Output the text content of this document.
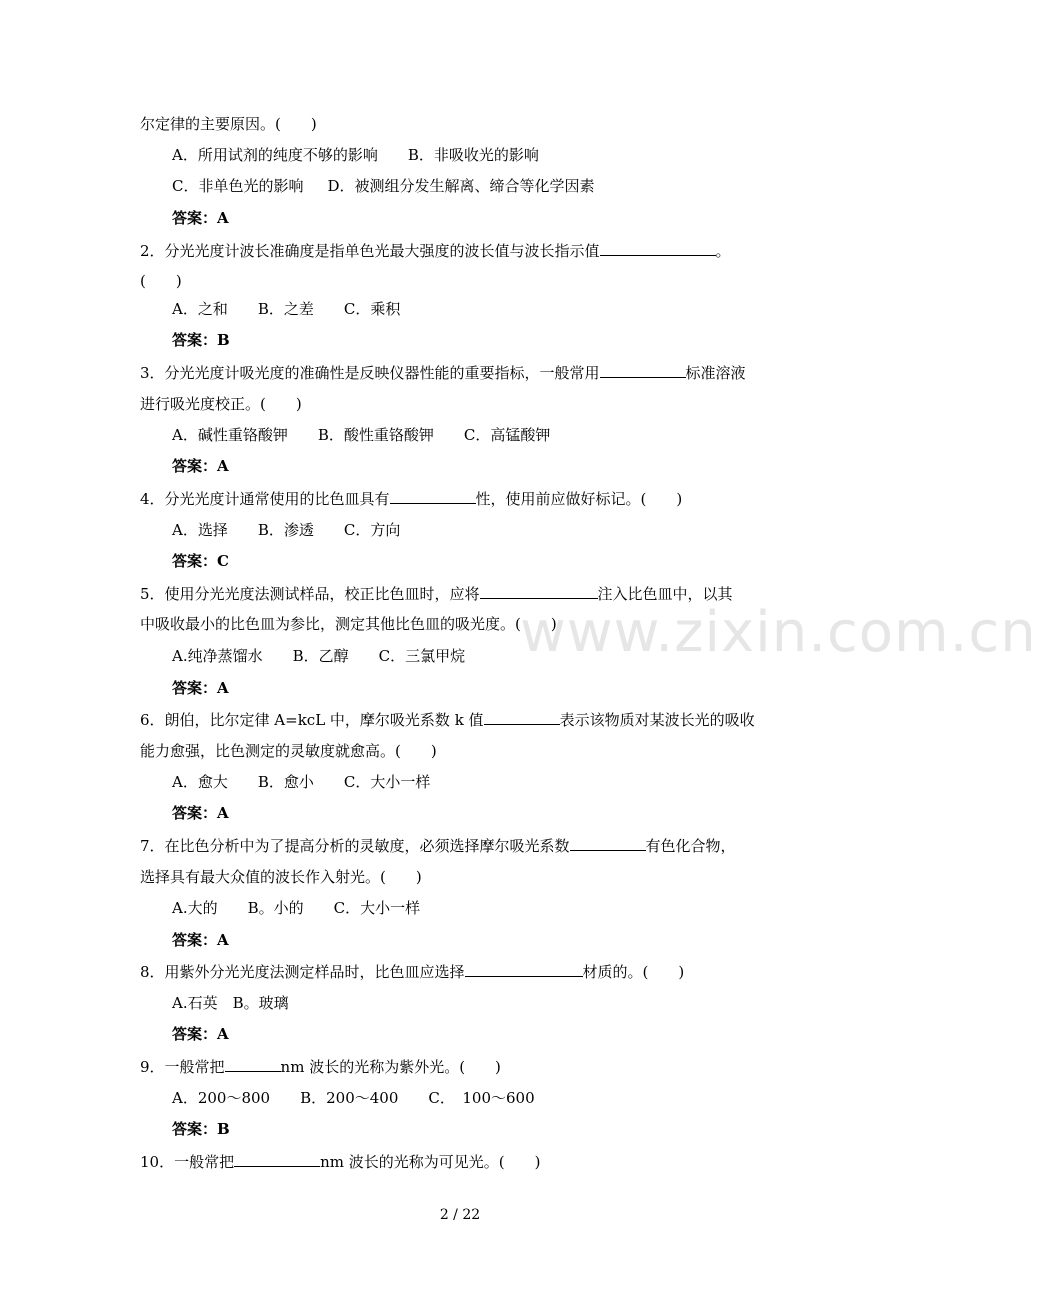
www.zixin.com.cn
尔定律的主要原因。(　　)
A．所用试剂的纯度不够的影响 B．非吸收光的影响
C．非单色光的影响 D．被测组分发生解离、缔合等化学因素
答案：A
2．分光光度计波长准确度是指单色光最大强度的波长值与波长指示值	。
(　　)
A．之和　　B．之差　　C．乘积
答案：B
3．分光光度计吸光度的准确性是反映仪器性能的重要指标，一般常用	标准溶液
进行吸光度校正。(　　)
A．碱性重铬酸钾　　B．酸性重铬酸钾　　C．高锰酸钾
答案：A
4．分光光度计通常使用的比色皿具有	性，使用前应做好标记。(　　)
A．选择　　B．渗透　　C．方向
答案：C
5．使用分光光度法测试样品，校正比色皿时，应将	注入比色皿中，以其
中吸收最小的比色皿为参比，测定其他比色皿的吸光度。(　　)
A.纯净蒸馏水　　B．乙醇　　C．三氯甲烷
答案：A
6．朗伯，比尔定律 A=kcL 中，摩尔吸光系数 k 值	表示该物质对某波长光的吸收
能力愈强，比色测定的灵敏度就愈高。(　　)
A．愈大　　B．愈小　　C．大小一样
答案：A
7．在比色分析中为了提高分析的灵敏度，必须选择摩尔吸光系数	有色化合物，
选择具有最大众值的波长作入射光。(　　)
A.大的　　B。小的　　C．大小一样
答案：A
8．用紫外分光光度法测定样品时，比色皿应选择	材质的。(　　)
A.石英　B。玻璃
答案：A
9．一般常把	nm 波长的光称为紫外光。(　　)
A．200～800　　B．200～400　　C．　100～600
答案：B
10．一般常把	nm 波长的光称为可见光。(　　)
2 / 22
